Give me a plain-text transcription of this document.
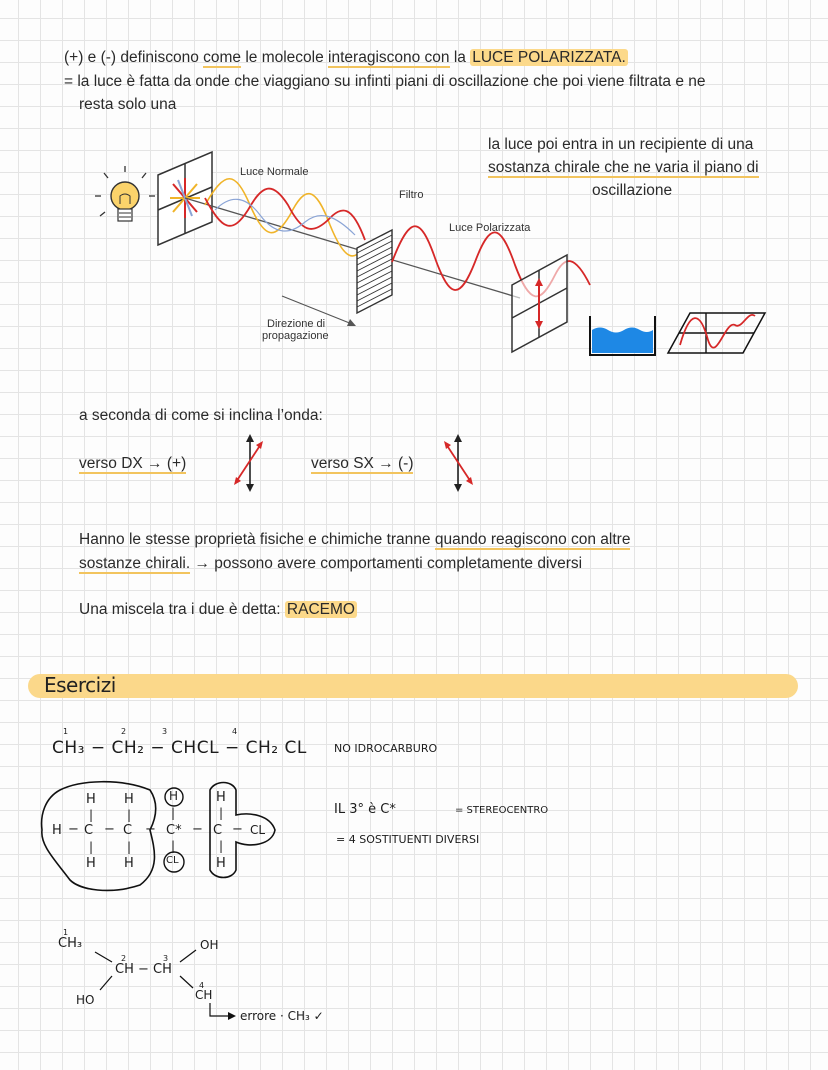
(+) e (-) definiscono come le molecole interagiscono con la LUCE POLARIZZATA.
= la luce è fatta da onde che viaggiano su infinti piani di oscillazione che poi viene filtrata e ne
resta solo una
la luce poi entra in un recipiente di una
sostanza chirale che ne varia il piano di
oscillazione
Luce Normale
Filtro
Luce Polarizzata
Direzione di
propagazione
a seconda di come si inclina l’onda:
verso DX → (+)	verso SX → (-)
Hanno le stesse proprietà fisiche e chimiche tranne quando reagiscono con altre
sostanze chirali. → possono avere comportamenti completamente diversi
Una miscela tra i due è detta: RACEMO
Esercizi
CH₃ − CH₂ − CHCL − CH₂ CL
1	2	3	4
NO IDROCARBURO
H H	H	H
|	|	|	|
H − C − C − C* − C − CL
|	|	|	|
H H	CL	H
IL 3° è C*	= STEREOCENTRO
= 4 SOSTITUENTI DIVERSI
1
CH₃
2	3
CH − CH
OH
4
CH
HO
errore · CH₃ ✓
